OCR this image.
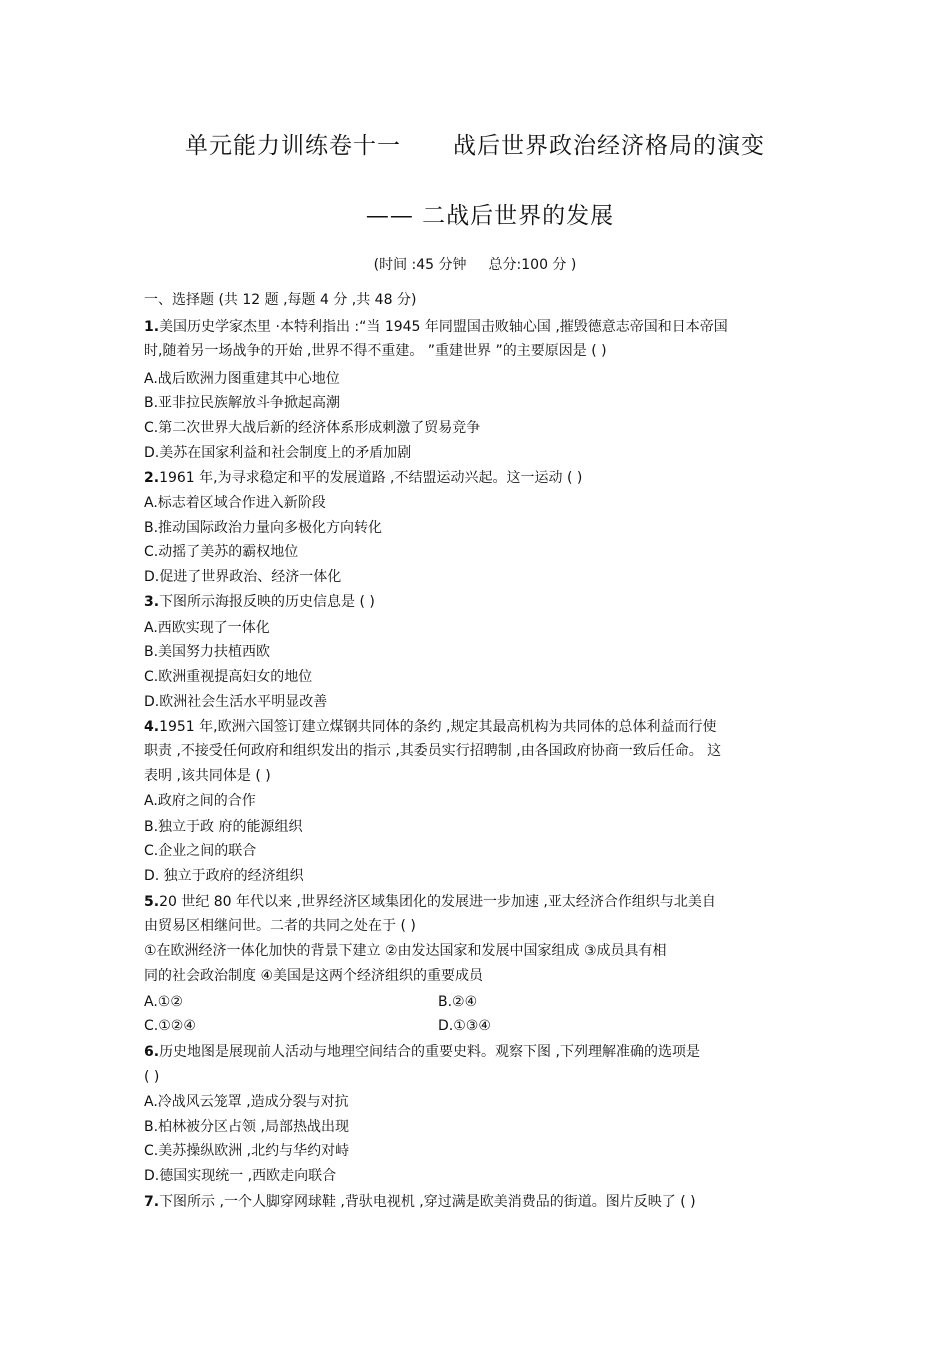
单元能力训练卷十一 战后世界政治经济格局的演变
—— 二战后世界的发展
(时间 :45 分钟 总分:100 分 )
一、选择题 (共 12 题 ,每题 4 分 ,共 48 分)
1.美国历史学家杰里 ·本特利指出 :“当 1945 年同盟国击败轴心国 ,摧毁德意志帝国和日本帝国
时,随着另一场战争的开始 ,世界不得不重建。 ”重建世界 ”的主要原因是 ( )
A.战后欧洲力图重建其中心地位
B.亚非拉民族解放斗争掀起高潮
C.第二次世界大战后新的经济体系形成刺激了贸易竞争
D.美苏在国家利益和社会制度上的矛盾加剧
2.1961 年,为寻求稳定和平的发展道路 ,不结盟运动兴起。这一运动 ( )
A.标志着区域合作进入新阶段
B.推动国际政治力量向多极化方向转化
C.动摇了美苏的霸权地位
D.促进了世界政治、经济一体化
3.下图所示海报反映的历史信息是 ( )
A.西欧实现了一体化
B.美国努力扶植西欧
C.欧洲重视提高妇女的地位
D.欧洲社会生活水平明显改善
4.1951 年,欧洲六国签订建立煤钢共同体的条约 ,规定其最高机构为共同体的总体利益而行使
职责 ,不接受任何政府和组织发出的指示 ,其委员实行招聘制 ,由各国政府协商一致后任命。 这
表明 ,该共同体是 ( )
A.政府之间的合作
B.独立于政 府的能源组织
C.企业之间的联合
D. 独立于政府的经济组织
5.20 世纪 80 年代以来 ,世界经济区域集团化的发展进一步加速 ,亚太经济合作组织与北美自
由贸易区相继问世。二者的共同之处在于 ( )
①在欧洲经济一体化加快的背景下建立 ②由发达国家和发展中国家组成 ③成员具有相
同的社会政治制度 ④美国是这两个经济组织的重要成员
A.①②	B.②④
C.①②④	D.①③④
6.历史地图是展现前人活动与地理空间结合的重要史料。观察下图 ,下列理解准确的选项是
( )
A.冷战风云笼罩 ,造成分裂与对抗
B.柏林被分区占领 ,局部热战出现
C.美苏操纵欧洲 ,北约与华约对峙
D.德国实现统一 ,西欧走向联合
7.下图所示 ,一个人脚穿网球鞋 ,背驮电视机 ,穿过满是欧美消费品的街道。图片反映了 ( )
